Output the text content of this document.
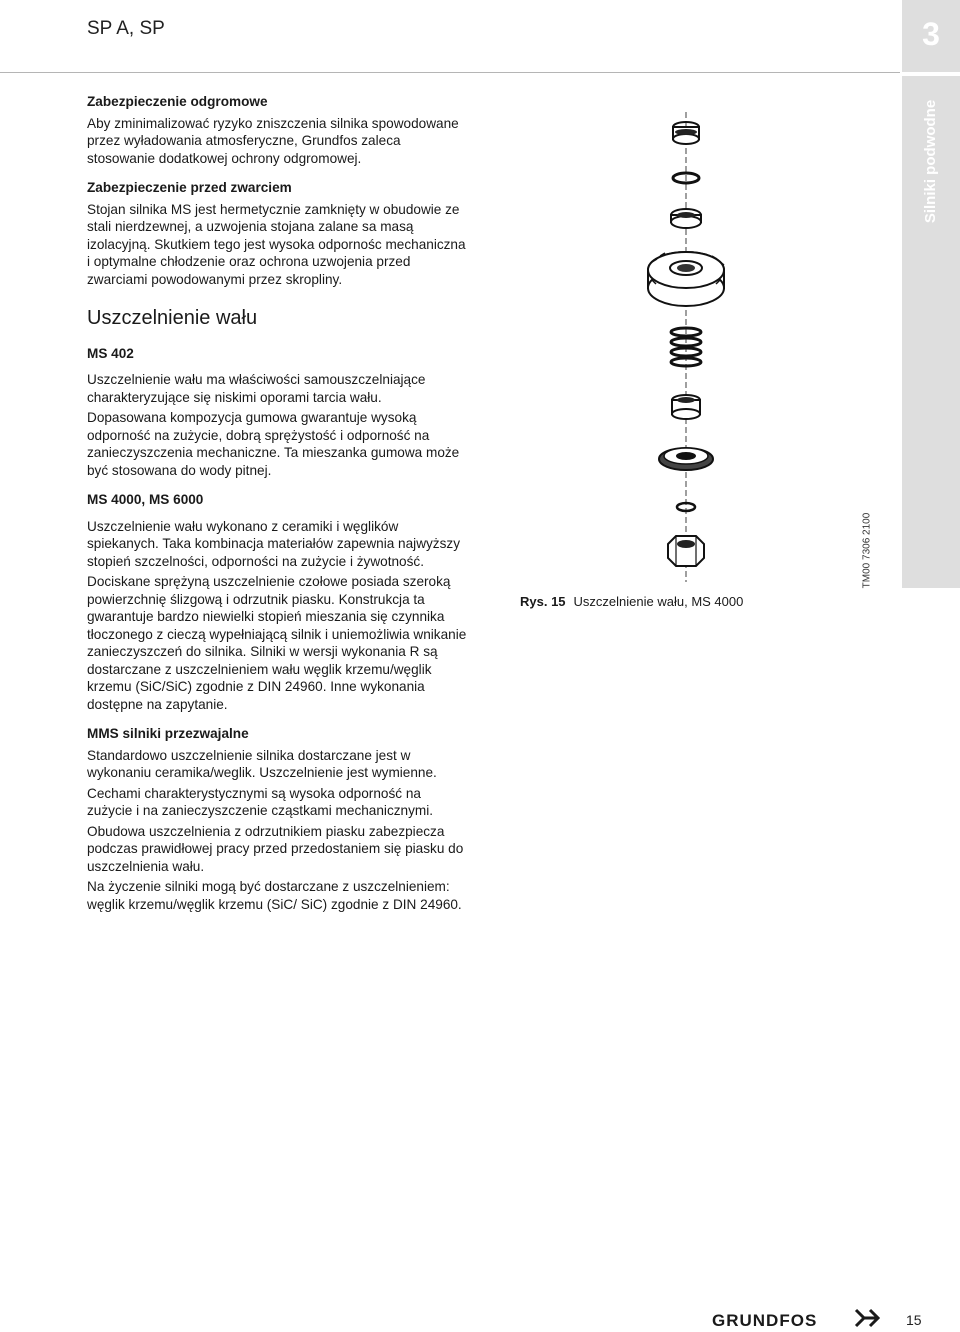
SP A, SP	3
Silniki podwodne
Zabezpieczenie odgromowe

Aby zminimalizować ryzyko zniszczenia silnika spowodowane przez wyładowania atmosferyczne, Grundfos zaleca stosowanie dodatkowej ochrony odgromowej.

Zabezpieczenie przed zwarciem

Stojan silnika MS jest hermetycznie zamknięty w obudowie ze stali nierdzewnej, a uzwojenia stojana zalane sa masą izolacyjną. Skutkiem tego jest wysoka odpornośc mechaniczna i optymalne chłodzenie oraz ochrona uzwojenia przed zwarciami powodowanymi przez skropliny.

Uszczelnienie wału
MS 402

Uszczelnienie wału ma właściwości samouszczelniające charakteryzujące się niskimi oporami tarcia wału.

Dopasowana kompozycja gumowa gwarantuje wysoką odporność na zużycie, dobrą sprężystość i odporność na zanieczyszczenia mechaniczne. Ta mieszanka gumowa może być stosowana do wody pitnej.

MS 4000, MS 6000

Uszczelnienie wału wykonano z ceramiki i węglików spiekanych. Taka kombinacja materiałów zapewnia najwyższy stopień szczelności, odporności na zużycie i żywotność.

Dociskane sprężyną uszczelnienie czołowe posiada szeroką powierzchnię ślizgową i odrzutnik piasku. Konstrukcja ta gwarantuje bardzo niewielki stopień mieszania się czynnika tłoczonego z cieczą wypełniającą silnik i uniemożliwia wnikanie zanieczyszczeń do silnika. Silniki w wersji wykonania R są dostarczane z uszczelnieniem wału węglik krzemu/węglik krzemu (SiC/SiC) zgodnie z DIN 24960. Inne wykonania dostępne na zapytanie.

MMS silniki przezwajalne

Standardowo uszczelnienie silnika dostarczane jest w wykonaniu ceramika/weglik. Uszczelnienie jest wymienne.

Cechami charakterystycznymi są wysoka odporność na zużycie i na zanieczyszczenie cząstkami mechanicznymi.

Obudowa uszczelnienia z odrzutnikiem piasku zabezpiecza podczas prawidłowej pracy przed przedostaniem się piasku do uszczelnienia wału.

Na życzenie silniki mogą być dostarczane z uszczelnieniem: węglik krzemu/węglik krzemu (SiC/ SiC) zgodnie z DIN 24960.

Rys. 15 Uszczelnienie wału, MS 4000
TM00 7306 2100
GRUNDFOS	15
